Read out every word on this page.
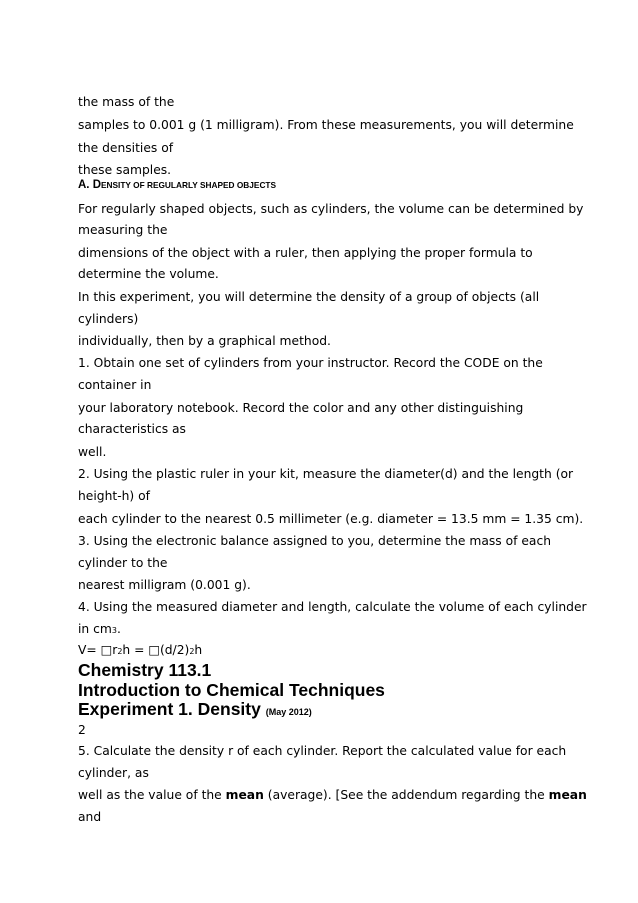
the mass of the
samples to 0.001 g (1 milligram). From these measurements, you will determine
the densities of
these samples.
A. DENSITY OF REGULARLY SHAPED OBJECTS
For regularly shaped objects, such as cylinders, the volume can be determined by
measuring the
dimensions of the object with a ruler, then applying the proper formula to
determine the volume.
In this experiment, you will determine the density of a group of objects (all
cylinders)
individually, then by a graphical method.
1. Obtain one set of cylinders from your instructor. Record the CODE on the
container in
your laboratory notebook. Record the color and any other distinguishing
characteristics as
well.
2. Using the plastic ruler in your kit, measure the diameter(d) and the length (or
height-h) of
each cylinder to the nearest 0.5 millimeter (e.g. diameter = 13.5 mm = 1.35 cm).
3. Using the electronic balance assigned to you, determine the mass of each
cylinder to the
nearest milligram (0.001 g).
4. Using the measured diameter and length, calculate the volume of each cylinder
in cm3.
V= □r2h = □(d/2)2h
Chemistry 113.1
Introduction to Chemical Techniques
Experiment 1. Density (May 2012)
2
5. Calculate the density r of each cylinder. Report the calculated value for each
cylinder, as
well as the value of the mean (average). [See the addendum regarding the mean
and
